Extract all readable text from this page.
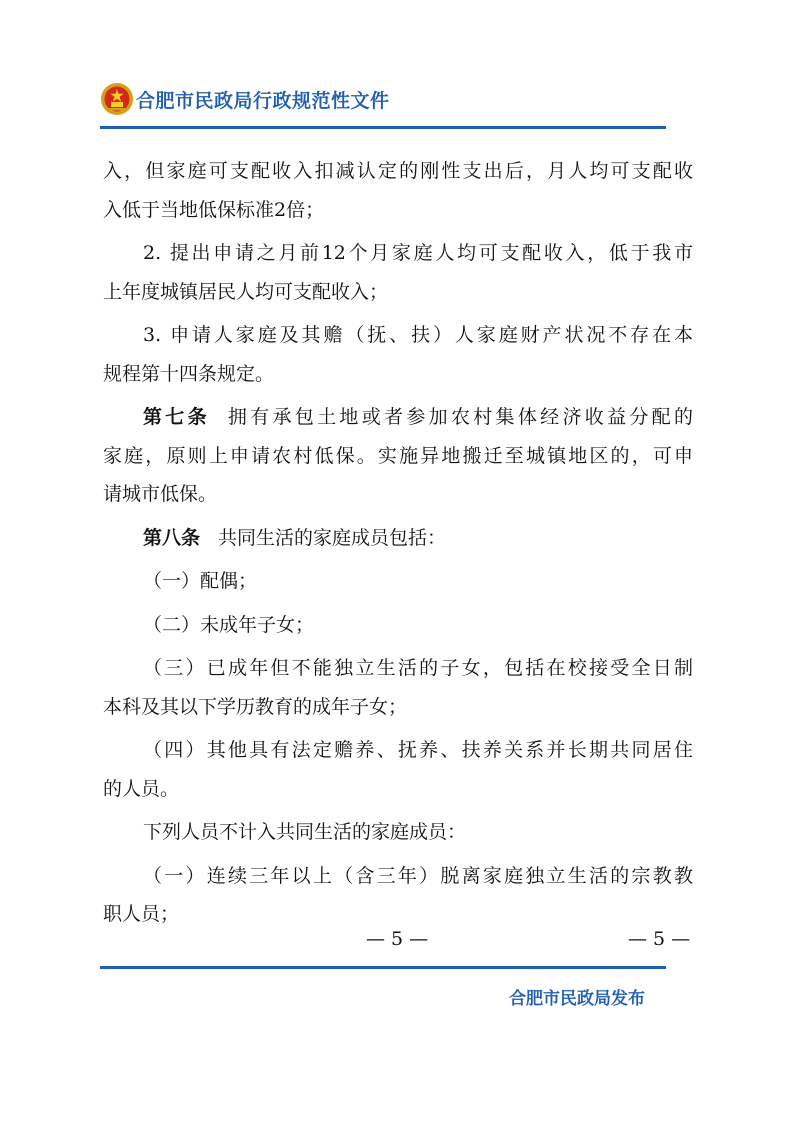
合肥市民政局行政规范性文件
入，但家庭可支配收入扣减认定的刚性支出后，月人均可支配收
入低于当地低保标准2倍；
2. 提出申请之月前12个月家庭人均可支配收入，低于我市
上年度城镇居民人均可支配收入；
3. 申请人家庭及其赡（抚、扶）人家庭财产状况不存在本
规程第十四条规定。
第七条 拥有承包土地或者参加农村集体经济收益分配的
家庭，原则上申请农村低保。实施异地搬迁至城镇地区的，可申
请城市低保。
第八条 共同生活的家庭成员包括：
（一）配偶；
（二）未成年子女；
（三）已成年但不能独立生活的子女，包括在校接受全日制
本科及其以下学历教育的成年子女；
（四）其他具有法定赡养、抚养、扶养关系并长期共同居住
的人员。
下列人员不计入共同生活的家庭成员：
（一）连续三年以上（含三年）脱离家庭独立生活的宗教教
职人员；
— 5 —	— 5 —
合肥市民政局发布
